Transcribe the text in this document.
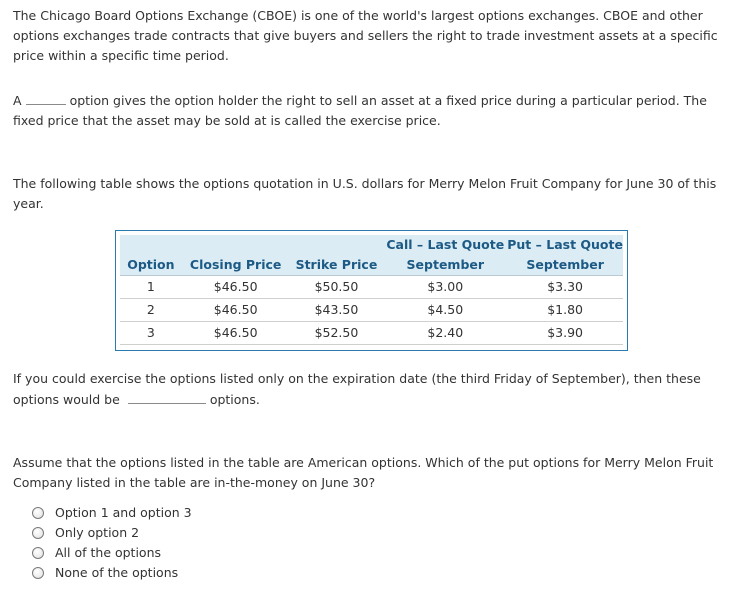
The Chicago Board Options Exchange (CBOE) is one of the world's largest options exchanges. CBOE and other options exchanges trade contracts that give buyers and sellers the right to trade investment assets at a specific price within a specific time period.

A	option gives the option holder the right to sell an asset at a fixed price during a particular period. The fixed price that the asset may be sold at is called the exercise price.

The following table shows the options quotation in U.S. dollars for Merry Melon Fruit Company for June 30 of this year.

			Call – Last Quote	Put – Last Quote
Option	Closing Price	Strike Price	September	September
1	$46.50	$50.50	$3.00	$3.30
2	$46.50	$43.50	$4.50	$1.80
3	$46.50	$52.50	$2.40	$3.90

If you could exercise the options listed only on the expiration date (the third Friday of September), then these options would be	options.

Assume that the options listed in the table are American options. Which of the put options for Merry Melon Fruit Company listed in the table are in-the-money on June 30?

Option 1 and option 3
Only option 2
All of the options
None of the options
